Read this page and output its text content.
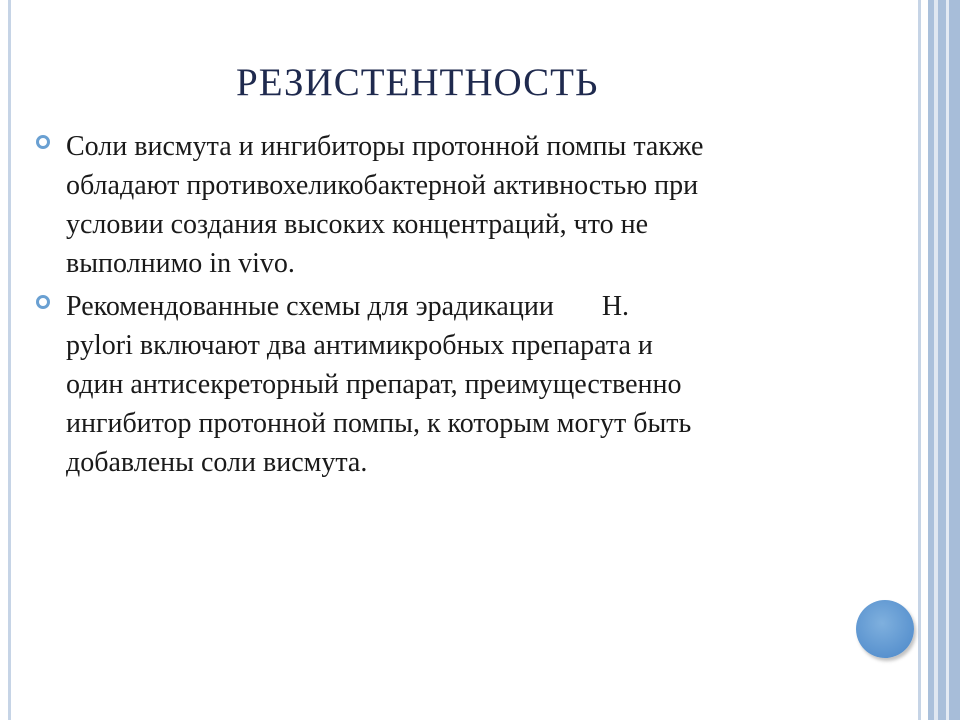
РЕЗИСТЕНТНОСТЬ

Соли висмута и ингибиторы протонной помпы также
обладают противохеликобактерной активностью при
условии создания высоких концентраций, что не
выполнимо in vivo.

Рекомендованные схемы для эрадикации H.
pylori включают два антимикробных препарата и
один антисекреторный препарат, преимущественно
ингибитор протонной помпы, к которым могут быть
добавлены соли висмута.
